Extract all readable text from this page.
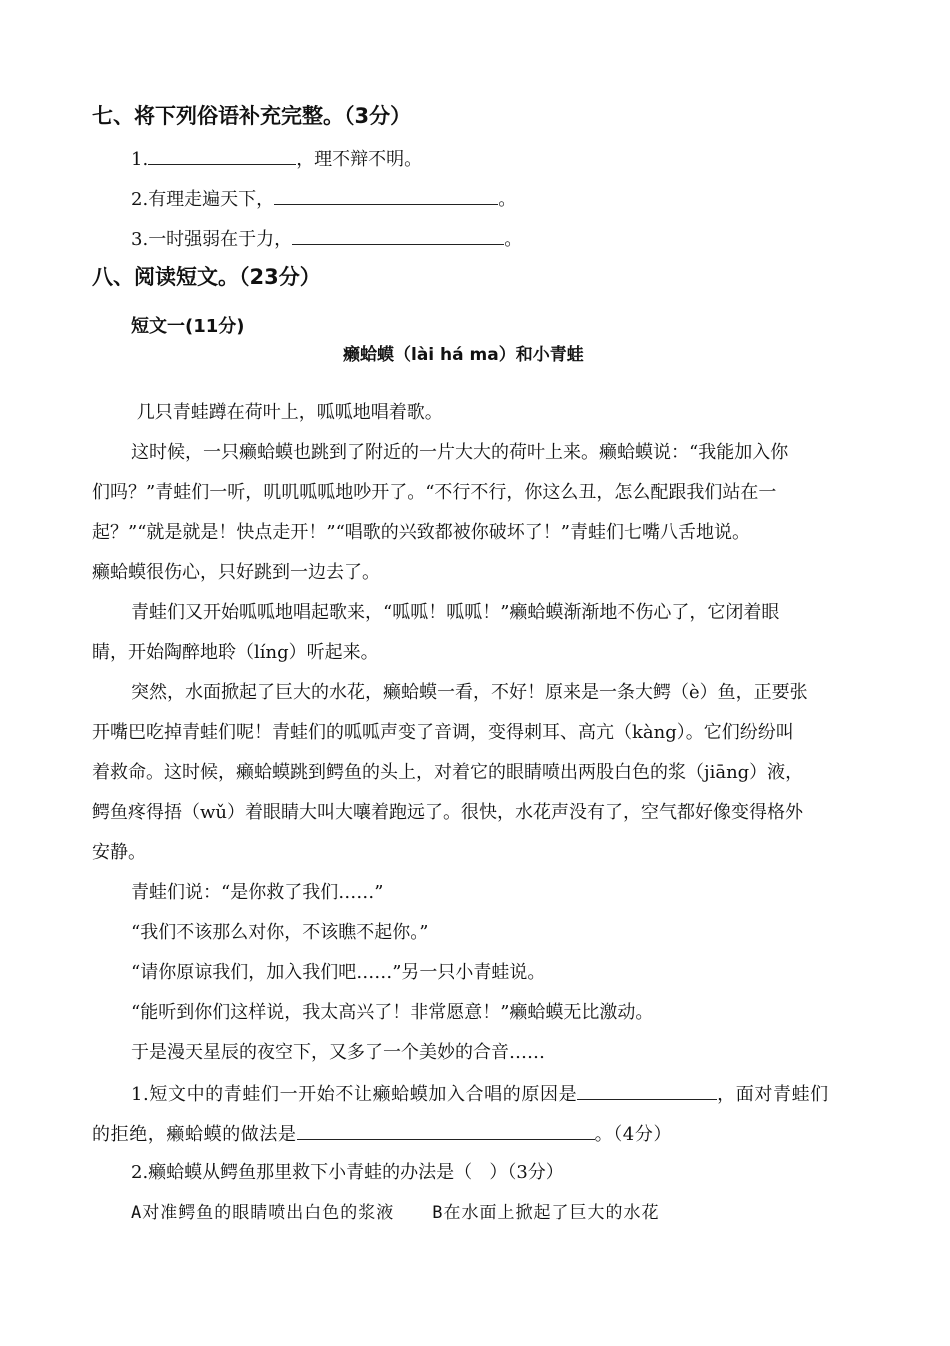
七、将下列俗语补充完整。（3分）
1.	，理不辩不明。
2.有理走遍天下，	。
3.一时强弱在于力，	。
八、阅读短文。（23分）
短文一(11分)
癞蛤蟆（lài há ma）和小青蛙
几只青蛙蹲在荷叶上，呱呱地唱着歌。
这时候，一只癞蛤蟆也跳到了附近的一片大大的荷叶上来。癞蛤蟆说：“我能加入你
们吗？”青蛙们一听，叽叽呱呱地吵开了。“不行不行，你这么丑，怎么配跟我们站在一
起？”“就是就是！快点走开！”“唱歌的兴致都被你破坏了！”青蛙们七嘴八舌地说。
癞蛤蟆很伤心，只好跳到一边去了。
青蛙们又开始呱呱地唱起歌来，“呱呱！呱呱！”癞蛤蟆渐渐地不伤心了，它闭着眼
睛，开始陶醉地聆（líng）听起来。
突然，水面掀起了巨大的水花，癞蛤蟆一看，不好！原来是一条大鳄（è）鱼，正要张
开嘴巴吃掉青蛙们呢！青蛙们的呱呱声变了音调，变得刺耳、高亢（kàng）。它们纷纷叫
着救命。这时候，癞蛤蟆跳到鳄鱼的头上，对着它的眼睛喷出两股白色的浆（jiāng）液，
鳄鱼疼得捂（wǔ）着眼睛大叫大嚷着跑远了。很快，水花声没有了，空气都好像变得格外
安静。
青蛙们说：“是你救了我们……”
“我们不该那么对你，不该瞧不起你。”
“请你原谅我们，加入我们吧……”另一只小青蛙说。
“能听到你们这样说，我太高兴了！非常愿意！”癞蛤蟆无比激动。
于是漫天星辰的夜空下，又多了一个美妙的合音……
1.短文中的青蛙们一开始不让癞蛤蟆加入合唱的原因是	，面对青蛙们
的拒绝，癞蛤蟆的做法是	。（4分）
2.癞蛤蟆从鳄鱼那里救下小青蛙的办法是（   ）（3分）
A对准鳄鱼的眼睛喷出白色的浆液 B在水面上掀起了巨大的水花
